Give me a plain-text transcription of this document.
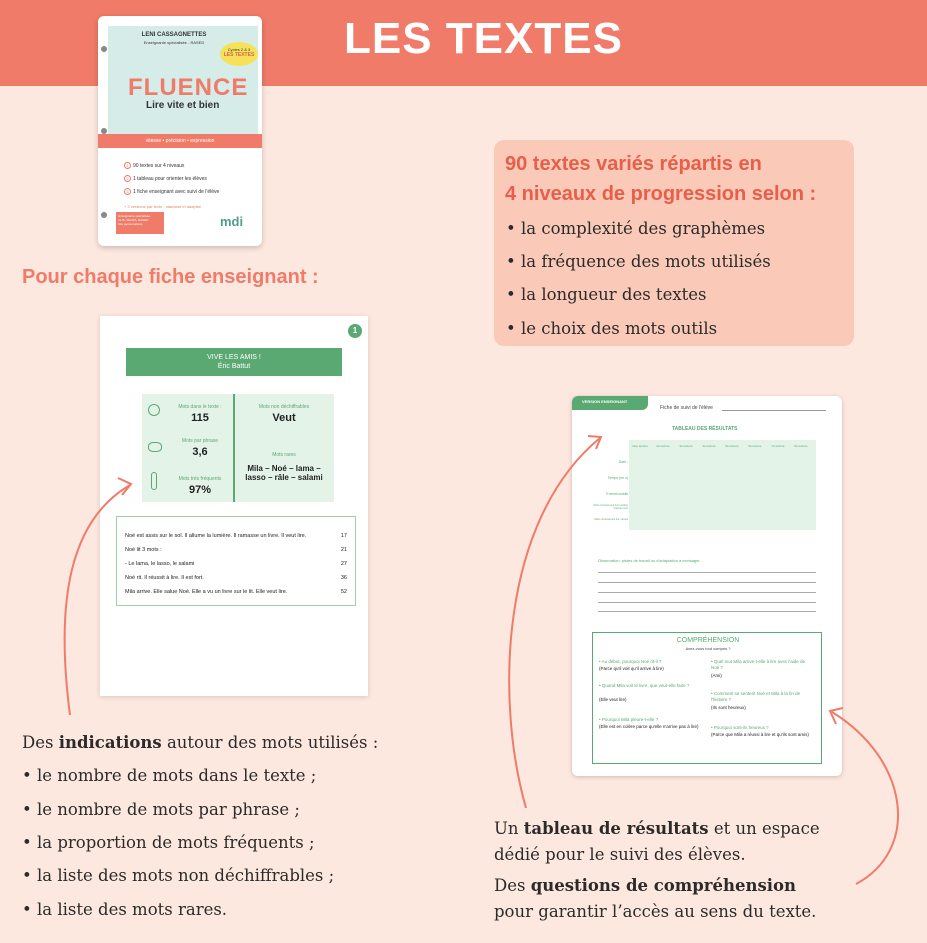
LES TEXTES
LENI CASSAGNETTES
Enseignante spécialisée - RASED
Cycles 2 & 3
LES TEXTES
FLUENCE
Lire vite et bien
vitesse • précision • expression
1 90 textes sur 4 niveaux
2 1 tableau pour orienter les élèves
3 1 fiche enseignant avec suivi de l'élève
+ 2 versions par texte : standard et adaptée
Enseignante spécialisée
CLIS, SEGPA, RASED
Kits personnalisés	mdi
Pour chaque fiche enseignant :
90 textes variés répartis en
4 niveaux de progression selon :
• la complexité des graphèmes
• la fréquence des mots utilisés
• la longueur des textes
• le choix des mots outils
1
VIVE LES AMIS !
Éric Battut
Mots dans le texte :
115
Mots par phrase
3,6
Mots très fréquents
97%
Mots non déchiffrables
Veut
Mots rares
Mila – Noé – lama –
lasso – râle – salami
Noé est assis sur le sol. Il allume la lumière. Il ramasse un livre. Il veut lire.	17
Noé lit 3 mots :	21
- Le lama, le lasso, le salami	27
Noé rit. Il réussit à lire. Il est fort.	36
Mila arrive. Elle salue Noé. Elle a vu un livre sur le lit. Elle veut lire.	52
Des indications autour des mots utilisés :
• le nombre de mots dans le texte ;
• le nombre de mots par phrase ;
• la proportion de mots fréquents ;
• la liste des mots non déchiffrables ;
• la liste des mots rares.
VERSION ENSEIGNANT
Fiche de suivi de l'élève
TABLEAU DES RÉSULTATS
1ère lecture	2è lecture	3è lecture	4è lecture	5è lecture	6è lecture	7è lecture	8è lecture
Date :
Temps (en s)
Erreurs/oublis
Mots correctement lus/ nombre total de mots
Mots correctement lus / temps
Observation, pistes de travail ou d'adaptation à envisager...
COMPRÉHENSION
Avez-vous tout compris ?
• Au début, pourquoi Noé rit-il ?
(Parce qu'il voit qu'il arrive à lire)
• Quand Mila voit le livre, que veut-elle faire ?
(Elle veut lire)
• Pourquoi Mila pleure-t-elle ?
(Elle est en colère parce qu'elle n'arrive pas à lire)
• Quel mot Mila arrive-t-elle à lire avec l'aide de Noé ?
(Ami)
• Comment se sentent Noé et Mila à la fin de l'histoire ?
(Ils sont heureux)
• Pourquoi sont-ils heureux ?
(Parce que Mila a réussi à lire et qu'ils sont amis)
Un tableau de résultats et un espace
dédié pour le suivi des élèves.
Des questions de compréhension
pour garantir l’accès au sens du texte.
